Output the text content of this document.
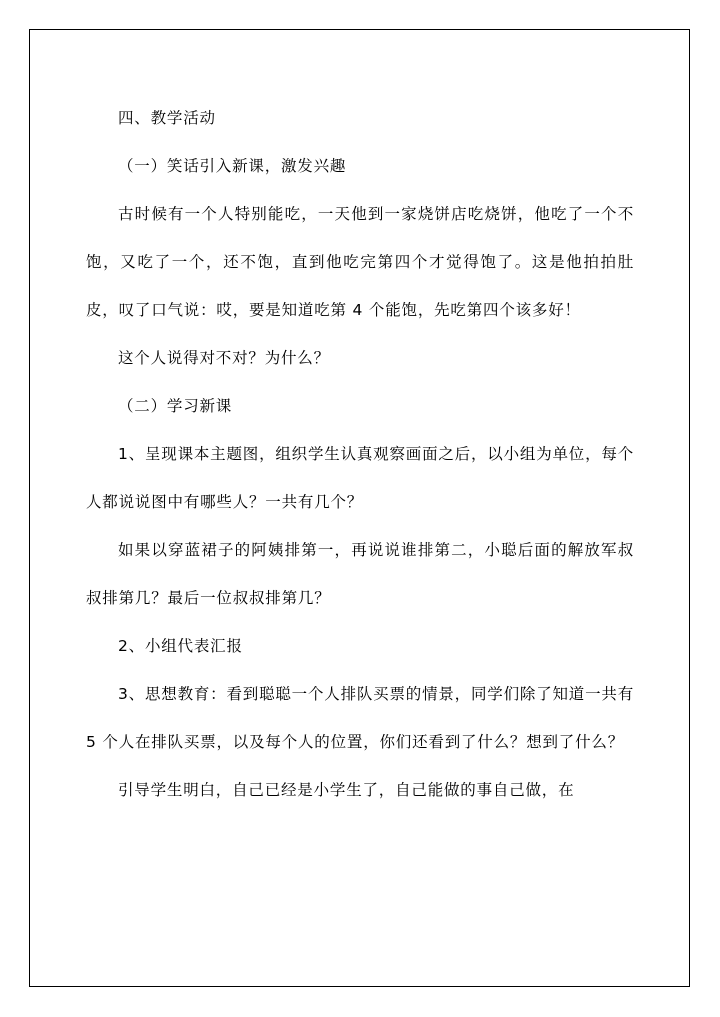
四、教学活动

（一）笑话引入新课，激发兴趣

古时候有一个人特别能吃，一天他到一家烧饼店吃烧饼，他吃了一个不饱，又吃了一个，还不饱，直到他吃完第四个才觉得饱了。这是他拍拍肚皮，叹了口气说：哎，要是知道吃第 4 个能饱，先吃第四个该多好！

这个人说得对不对？为什么？

（二）学习新课

1、呈现课本主题图，组织学生认真观察画面之后，以小组为单位，每个人都说说图中有哪些人？一共有几个？

如果以穿蓝裙子的阿姨排第一，再说说谁排第二，小聪后面的解放军叔叔排第几？最后一位叔叔排第几？

2、小组代表汇报

3、思想教育：看到聪聪一个人排队买票的情景，同学们除了知道一共有 5 个人在排队买票，以及每个人的位置，你们还看到了什么？想到了什么？

引导学生明白，自己已经是小学生了，自己能做的事自己做，在
